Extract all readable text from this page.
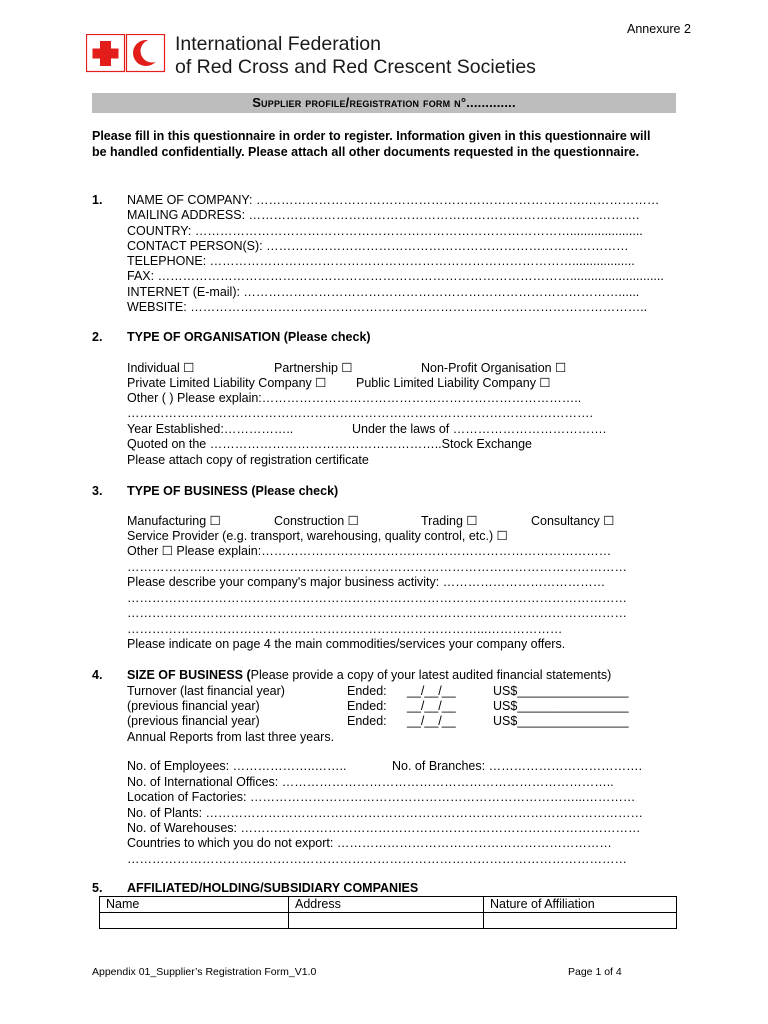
Annexure 2
International Federation
of Red Cross and Red Crescent Societies
Supplier profile/registration form n°.............
Please fill in this questionnaire in order to register. Information given in this questionnaire will be handled confidentially. Please attach all other documents requested in the questionnaire.
1. NAME OF COMPANY: …………………………………………………………………….………………
MAILING ADDRESS: ………………………………………………………………………………….
COUNTRY: ……………………………………………………………………………….....................
CONTACT PERSON(S): ……………………………………………………………………………
TELEPHONE: ……………………………………………………………………………..................
FAX: ………………………………………………………………………………………...........................
INTERNET (E-mail): ………………………………………………………………………………......
WEBSITE: ………………………………………………………………………………………………..
2. TYPE OF ORGANISATION (Please check)
Individual ☐	Partnership ☐	Non-Profit Organisation ☐
Private Limited Liability Company ☐ Public Limited Liability Company ☐
Other ( ) Please explain:…………………………………………………………………..
………………………………………………………………………………………………….
Year Established:……………..	Under the laws of ……………………………….
Quoted on the ………………………………………………..Stock Exchange
Please attach copy of registration certificate
3. TYPE OF BUSINESS (Please check)
Manufacturing ☐	Construction ☐	Trading ☐	Consultancy ☐
Service Provider (e.g. transport, warehousing, quality control, etc.) ☐
Other ☐ Please explain:…………………………………………………………………………
…………………………………………………………………………………………………………
Please describe your company's major business activity: …………………………………
…………………………………………………………………………………………………………
…………………………………………………………………………………………………………
…………………………………………………………………………...………………
Please indicate on page 4 the main commodities/services your company offers.
4. SIZE OF BUSINESS (Please provide a copy of your latest audited financial statements)
Turnover (last financial year)	Ended: __/__/__	US$________________
(previous financial year)	Ended: __/__/__	US$________________
(previous financial year)	Ended: __/__/__	US$________________
Annual Reports from last three years.
No. of Employees: ………………..……..	No. of Branches: ……………………………….
No. of International Offices: ……………………………………………………………………..
Location of Factories: ……………………………………………………………………...…………
No. of Plants: ……………………………………………………………………………………………
No. of Warehouses: ……………………………………………………………………………………
Countries to which you do not export: …………………………………………………………
…………………………………………………………………………………………………………
5. AFFILIATED/HOLDING/SUBSIDIARY COMPANIES
Name	Address	Nature of Affiliation

Appendix 01_Supplier’s Registration Form_V1.0	Page 1 of 4
